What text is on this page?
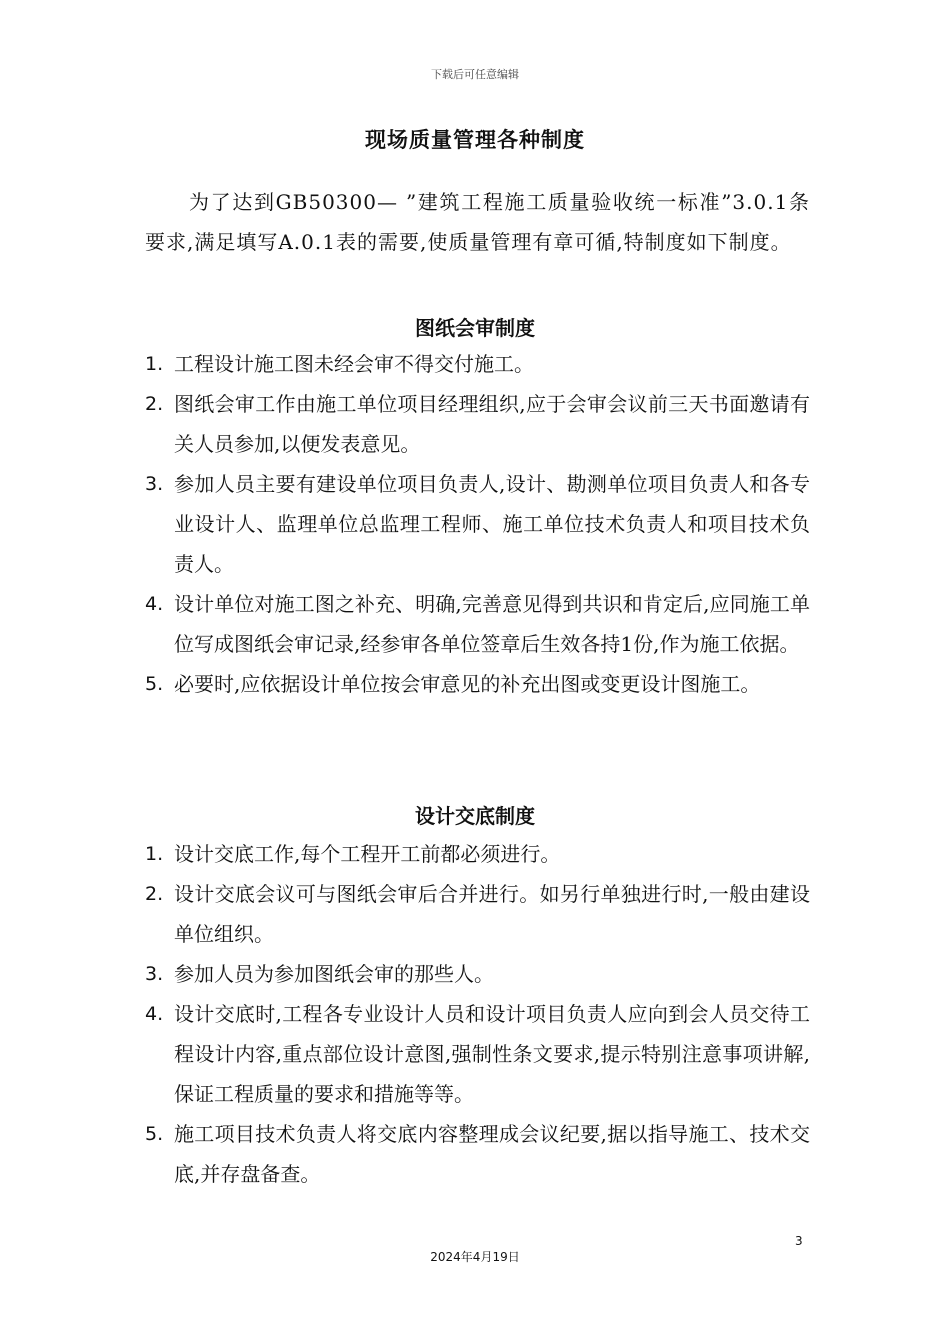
下载后可任意编辑
现场质量管理各种制度
为了达到GB50300— ”建筑工程施工质量验收统一标准”3.0.1条要求,满足填写A.0.1表的需要,使质量管理有章可循,特制度如下制度。
图纸会审制度
1. 工程设计施工图未经会审不得交付施工。
2. 图纸会审工作由施工单位项目经理组织,应于会审会议前三天书面邀请有关人员参加,以便发表意见。
3. 参加人员主要有建设单位项目负责人,设计、勘测单位项目负责人和各专业设计人、监理单位总监理工程师、施工单位技术负责人和项目技术负责人。
4. 设计单位对施工图之补充、明确,完善意见得到共识和肯定后,应同施工单位写成图纸会审记录,经参审各单位签章后生效各持1份,作为施工依据。
5. 必要时,应依据设计单位按会审意见的补充出图或变更设计图施工。
设计交底制度
1. 设计交底工作,每个工程开工前都必须进行。
2. 设计交底会议可与图纸会审后合并进行。如另行单独进行时,一般由建设单位组织。
3. 参加人员为参加图纸会审的那些人。
4. 设计交底时,工程各专业设计人员和设计项目负责人应向到会人员交待工程设计内容,重点部位设计意图,强制性条文要求,提示特别注意事项讲解,保证工程质量的要求和措施等等。
5. 施工项目技术负责人将交底内容整理成会议纪要,据以指导施工、技术交底,并存盘备查。
3
2024年4月19日
